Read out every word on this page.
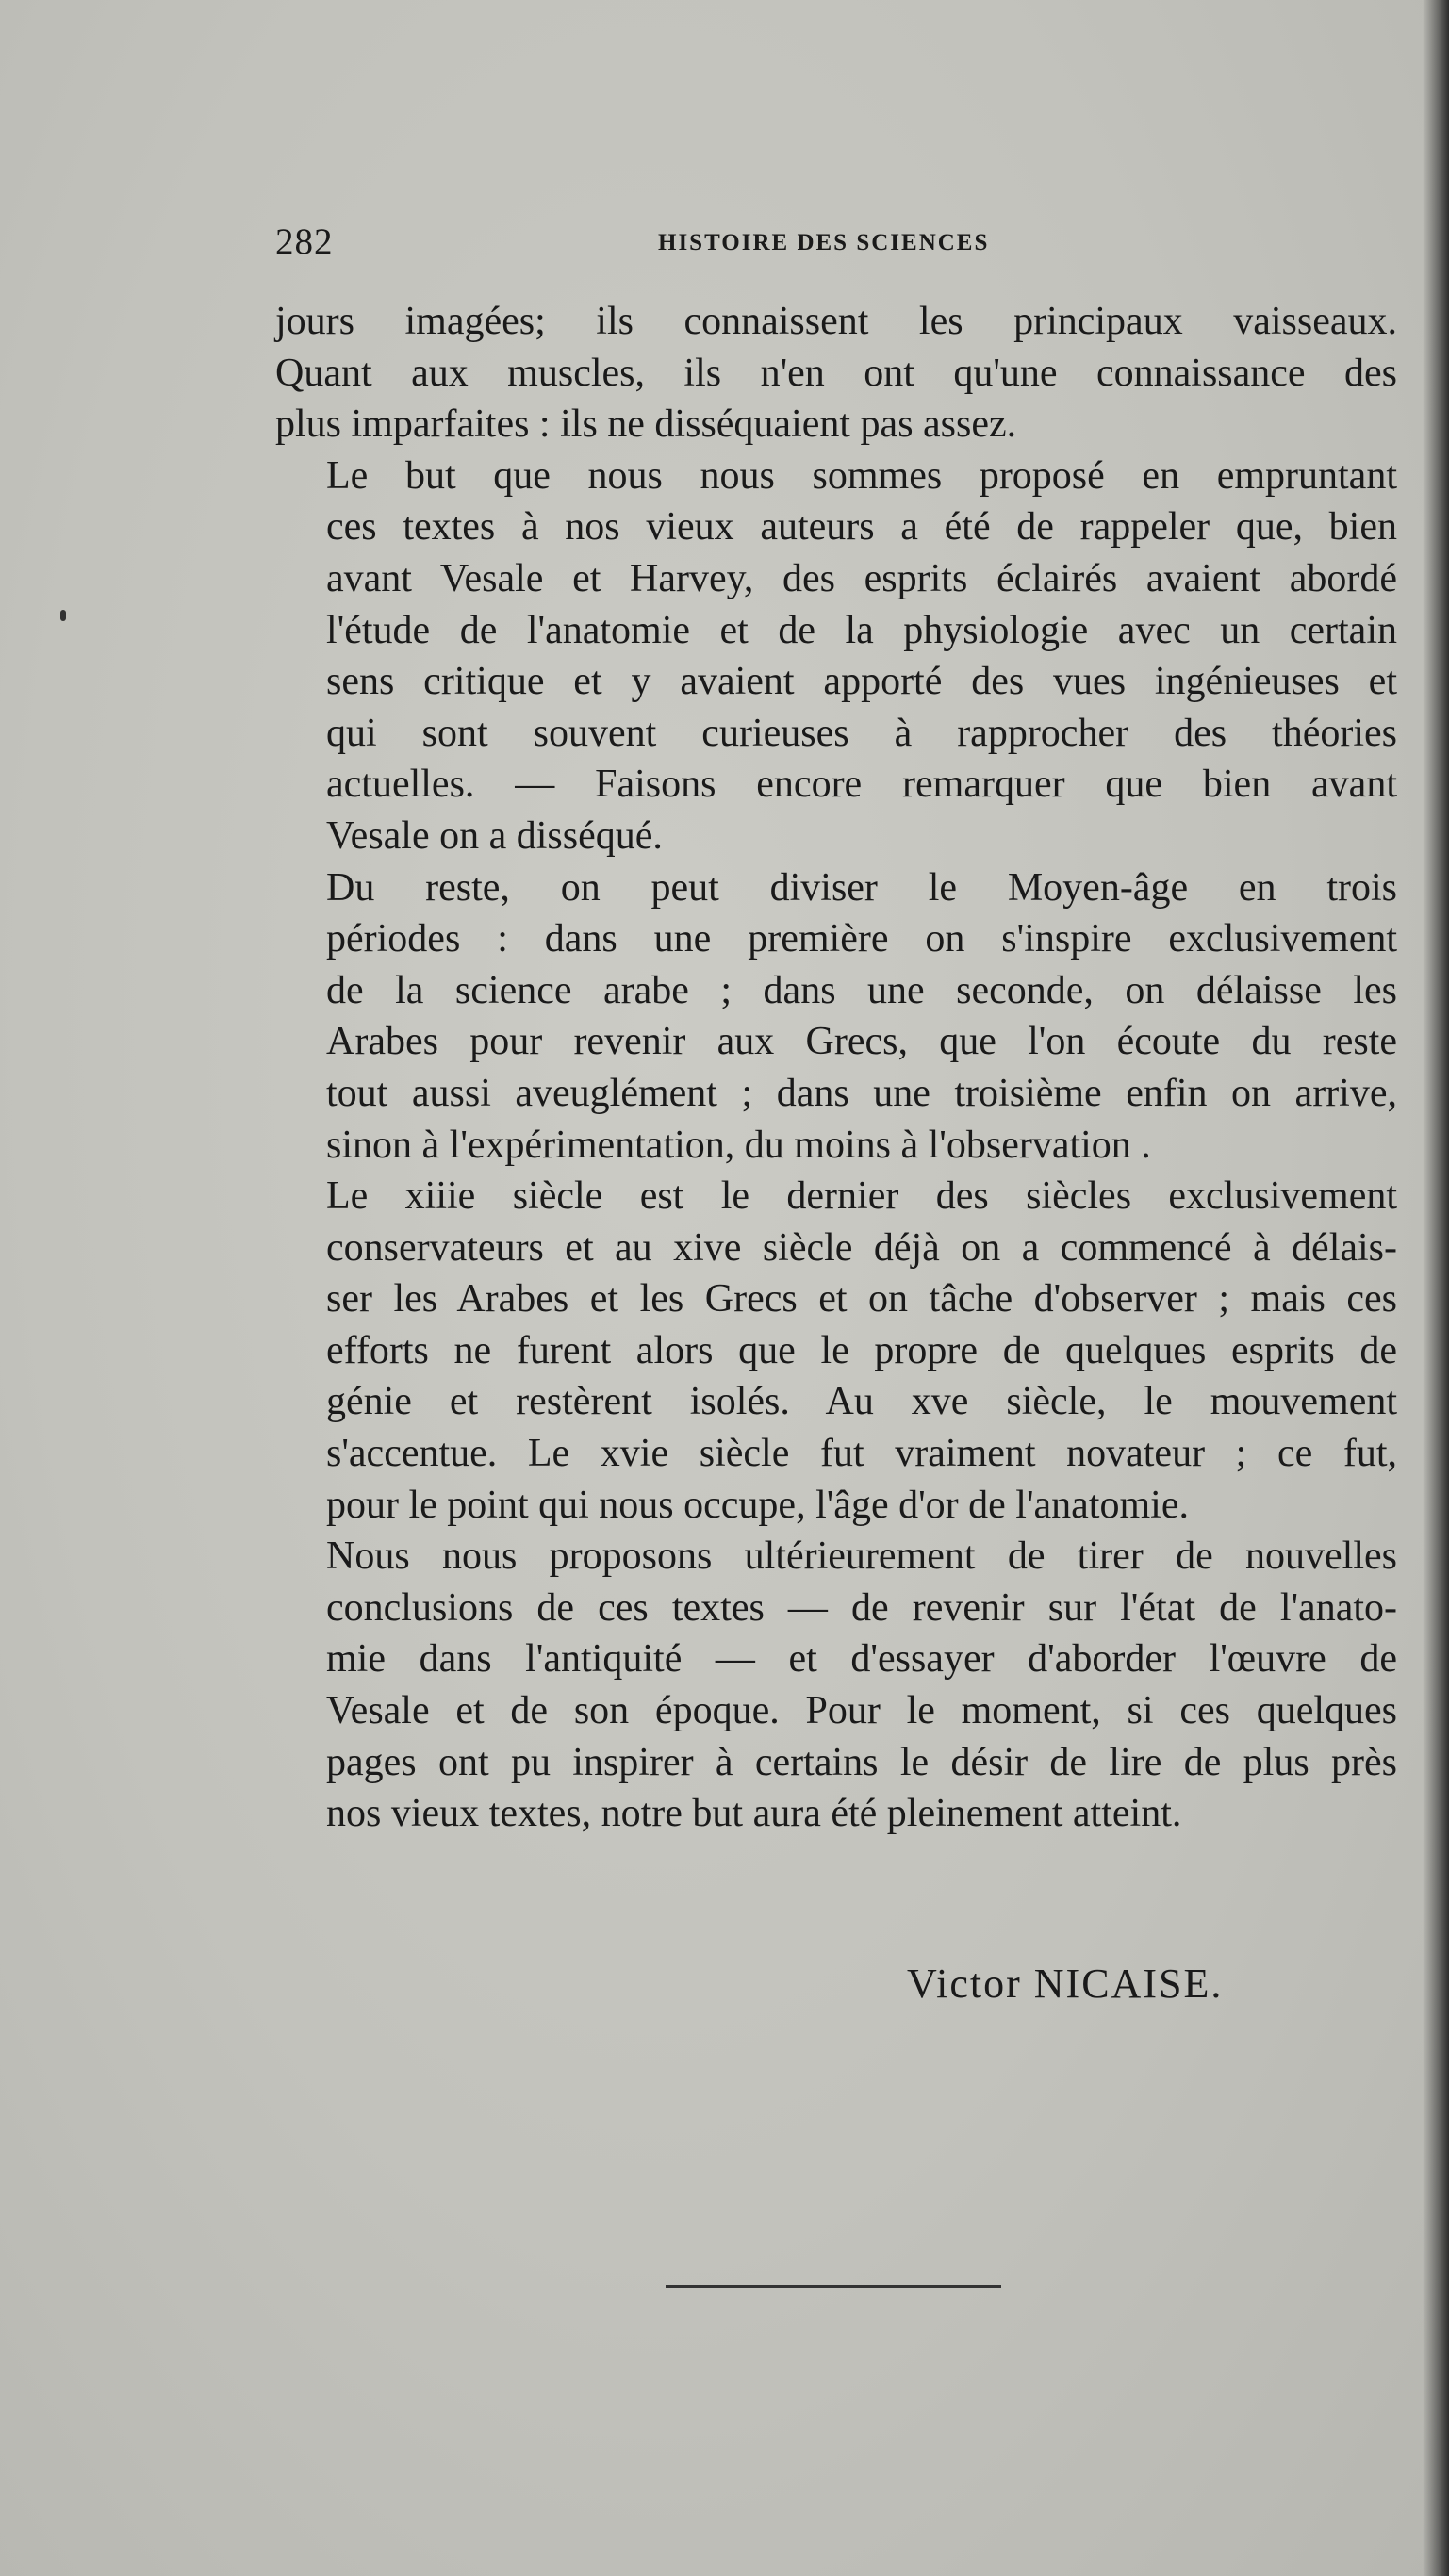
282	HISTOIRE DES SCIENCES

jours imagées; ils connaissent les principaux vaisseaux.
Quant aux muscles, ils n'en ont qu'une connaissance des
plus imparfaites : ils ne disséquaient pas assez.

Le but que nous nous sommes proposé en empruntant
ces textes à nos vieux auteurs a été de rappeler que, bien
avant Vesale et Harvey, des esprits éclairés avaient abordé
l'étude de l'anatomie et de la physiologie avec un certain
sens critique et y avaient apporté des vues ingénieuses et
qui sont souvent curieuses à rapprocher des théories
actuelles. — Faisons encore remarquer que bien avant
Vesale on a disséqué.

Du reste, on peut diviser le Moyen-âge en trois
périodes : dans une première on s'inspire exclusivement
de la science arabe ; dans une seconde, on délaisse les
Arabes pour revenir aux Grecs, que l'on écoute du reste
tout aussi aveuglément ; dans une troisième enfin on arrive,
sinon à l'expérimentation, du moins à l'observation .

Le xiiie siècle est le dernier des siècles exclusivement
conservateurs et au xive siècle déjà on a commencé à délais-
ser les Arabes et les Grecs et on tâche d'observer ; mais ces
efforts ne furent alors que le propre de quelques esprits de
génie et restèrent isolés. Au xve siècle, le mouvement
s'accentue. Le xvie siècle fut vraiment novateur ; ce fut,
pour le point qui nous occupe, l'âge d'or de l'anatomie.

Nous nous proposons ultérieurement de tirer de nouvelles
conclusions de ces textes — de revenir sur l'état de l'anato-
mie dans l'antiquité — et d'essayer d'aborder l'œuvre de
Vesale et de son époque. Pour le moment, si ces quelques
pages ont pu inspirer à certains le désir de lire de plus près
nos vieux textes, notre but aura été pleinement atteint.

Victor NICAISE.
